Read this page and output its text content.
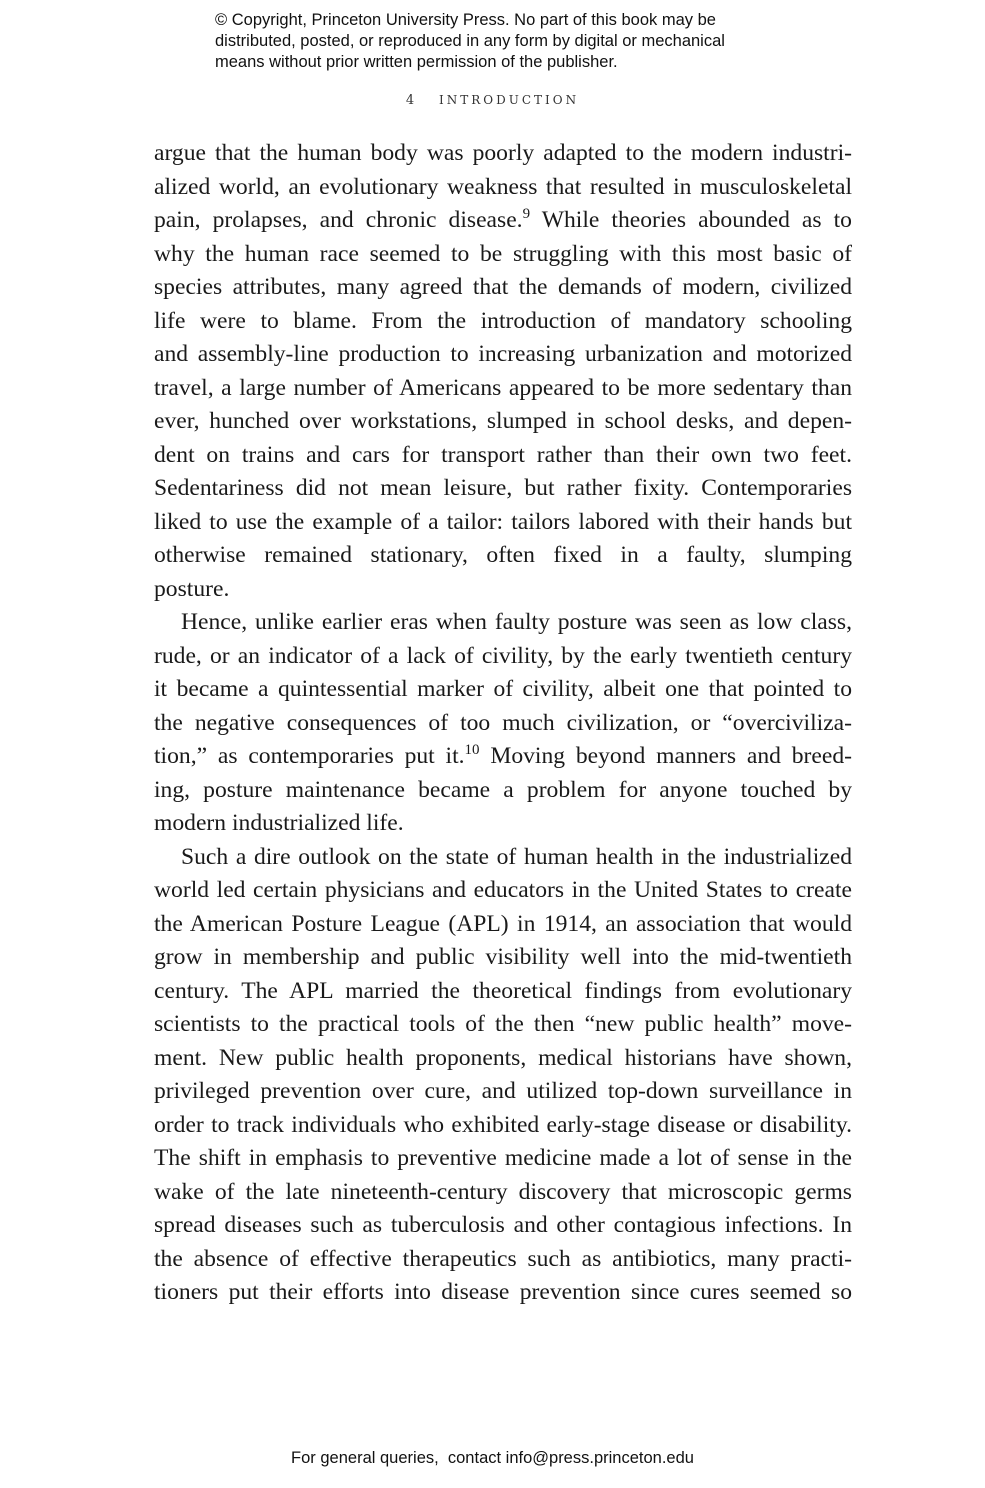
© Copyright, Princeton University Press. No part of this book may be
distributed, posted, or reproduced in any form by digital or mechanical
means without prior written permission of the publisher.
4 INTRODUCTION
argue that the human body was poorly adapted to the modern industri-
alized world, an evolutionary weakness that resulted in musculoskeletal
pain, prolapses, and chronic disease.$^9$ While theories abounded as to
why the human race seemed to be struggling with this most basic of
species attributes, many agreed that the demands of modern, civilized
life were to blame. From the introduction of mandatory schooling
and assembly-line production to increasing urbanization and motorized
travel, a large number of Americans appeared to be more sedentary than
ever, hunched over workstations, slumped in school desks, and depen-
dent on trains and cars for transport rather than their own two feet.
Sedentariness did not mean leisure, but rather fixity. Contemporaries
liked to use the example of a tailor: tailors labored with their hands but
otherwise remained stationary, often fixed in a faulty, slumping
posture.
Hence, unlike earlier eras when faulty posture was seen as low class,
rude, or an indicator of a lack of civility, by the early twentieth century
it became a quintessential marker of civility, albeit one that pointed to
the negative consequences of too much civilization, or “overciviliza-
tion,” as contemporaries put it.$^{10}$ Moving beyond manners and breed-
ing, posture maintenance became a problem for anyone touched by
modern industrialized life.
Such a dire outlook on the state of human health in the industrialized
world led certain physicians and educators in the United States to create
the American Posture League (APL) in 1914, an association that would
grow in membership and public visibility well into the mid-twentieth
century. The APL married the theoretical findings from evolutionary
scientists to the practical tools of the then “new public health” move-
ment. New public health proponents, medical historians have shown,
privileged prevention over cure, and utilized top-down surveillance in
order to track individuals who exhibited early-stage disease or disability.
The shift in emphasis to preventive medicine made a lot of sense in the
wake of the late nineteenth-century discovery that microscopic germs
spread diseases such as tuberculosis and other contagious infections. In
the absence of effective therapeutics such as antibiotics, many practi-
tioners put their efforts into disease prevention since cures seemed so
For general queries,  contact info@press.princeton.edu
